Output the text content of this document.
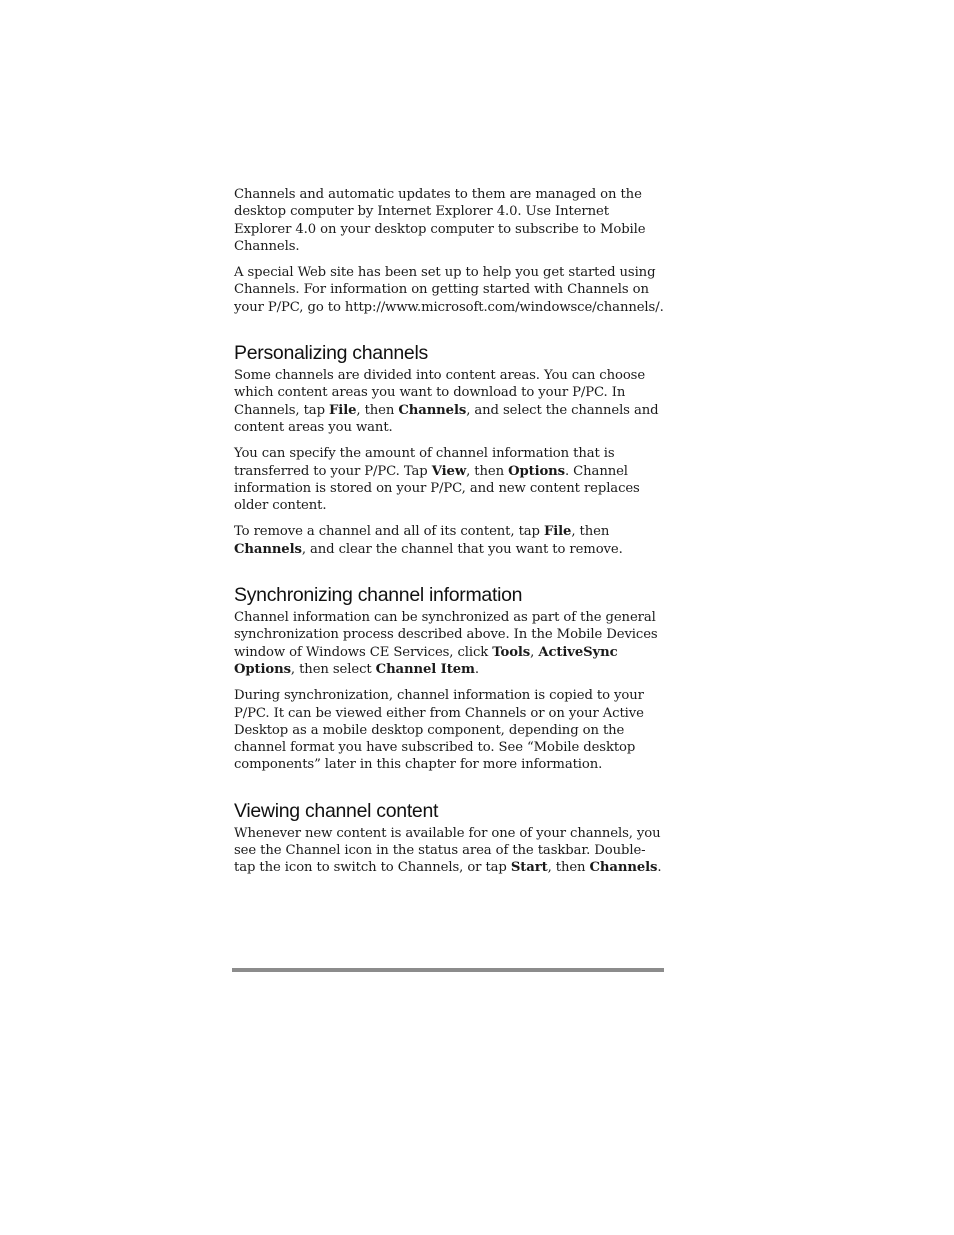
Channels and automatic updates to them are managed on the desktop computer by Internet Explorer 4.0. Use Internet Explorer 4.0 on your desktop computer to subscribe to Mobile Channels.

A special Web site has been set up to help you get started using Channels. For information on getting started with Channels on your P/PC, go to http://www.microsoft.com/windowsce/channels/.

Personalizing channels

Some channels are divided into content areas. You can choose which content areas you want to download to your P/PC. In Channels, tap File, then Channels, and select the channels and content areas you want.

You can specify the amount of channel information that is transferred to your P/PC. Tap View, then Options. Channel information is stored on your P/PC, and new content replaces older content.

To remove a channel and all of its content, tap File, then Channels, and clear the channel that you want to remove.

Synchronizing channel information

Channel information can be synchronized as part of the general synchronization process described above. In the Mobile Devices window of Windows CE Services, click Tools, ActiveSync Options, then select Channel Item.

During synchronization, channel information is copied to your P/PC. It can be viewed either from Channels or on your Active Desktop as a mobile desktop component, depending on the channel format you have subscribed to. See “Mobile desktop components” later in this chapter for more information.

Viewing channel content

Whenever new content is available for one of your channels, you see the Channel icon in the status area of the taskbar. Double-tap the icon to switch to Channels, or tap Start, then Channels.
